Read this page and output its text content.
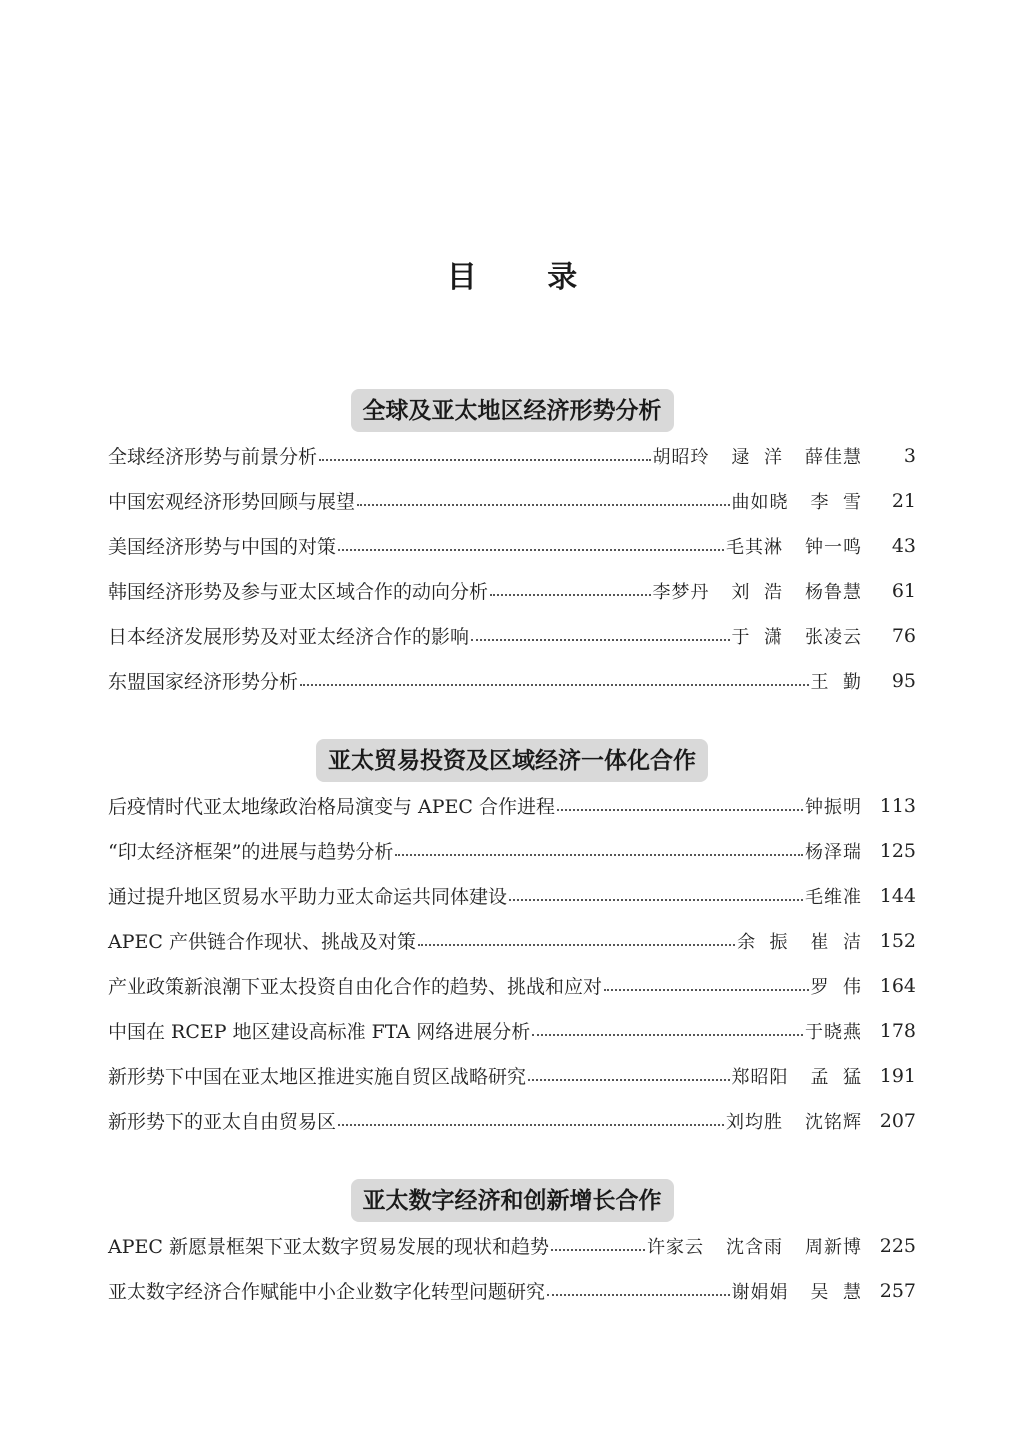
目 录
全球及亚太地区经济形势分析
全球经济形势与前景分析	胡昭玲 逯  洋 薛佳慧	3
中国宏观经济形势回顾与展望	曲如晓 李  雪	21
美国经济形势与中国的对策	毛其淋 钟一鸣	43
韩国经济形势及参与亚太区域合作的动向分析	李梦丹 刘  浩 杨鲁慧	61
日本经济发展形势及对亚太经济合作的影响	于  潇 张凌云	76
东盟国家经济形势分析	王  勤	95
亚太贸易投资及区域经济一体化合作
后疫情时代亚太地缘政治格局演变与 APEC 合作进程	钟振明 113
“印太经济框架”的进展与趋势分析	杨泽瑞 125
通过提升地区贸易水平助力亚太命运共同体建设	毛维准 144
APEC 产供链合作现状、挑战及对策	余  振 崔  洁 152
产业政策新浪潮下亚太投资自由化合作的趋势、挑战和应对	罗  伟 164
中国在 RCEP 地区建设高标准 FTA 网络进展分析	于晓燕 178
新形势下中国在亚太地区推进实施自贸区战略研究	郑昭阳 孟  猛 191
新形势下的亚太自由贸易区	刘均胜 沈铭辉 207
亚太数字经济和创新增长合作
APEC 新愿景框架下亚太数字贸易发展的现状和趋势	许家云 沈含雨 周新博 225
亚太数字经济合作赋能中小企业数字化转型问题研究	谢娟娟 吴  慧 257
